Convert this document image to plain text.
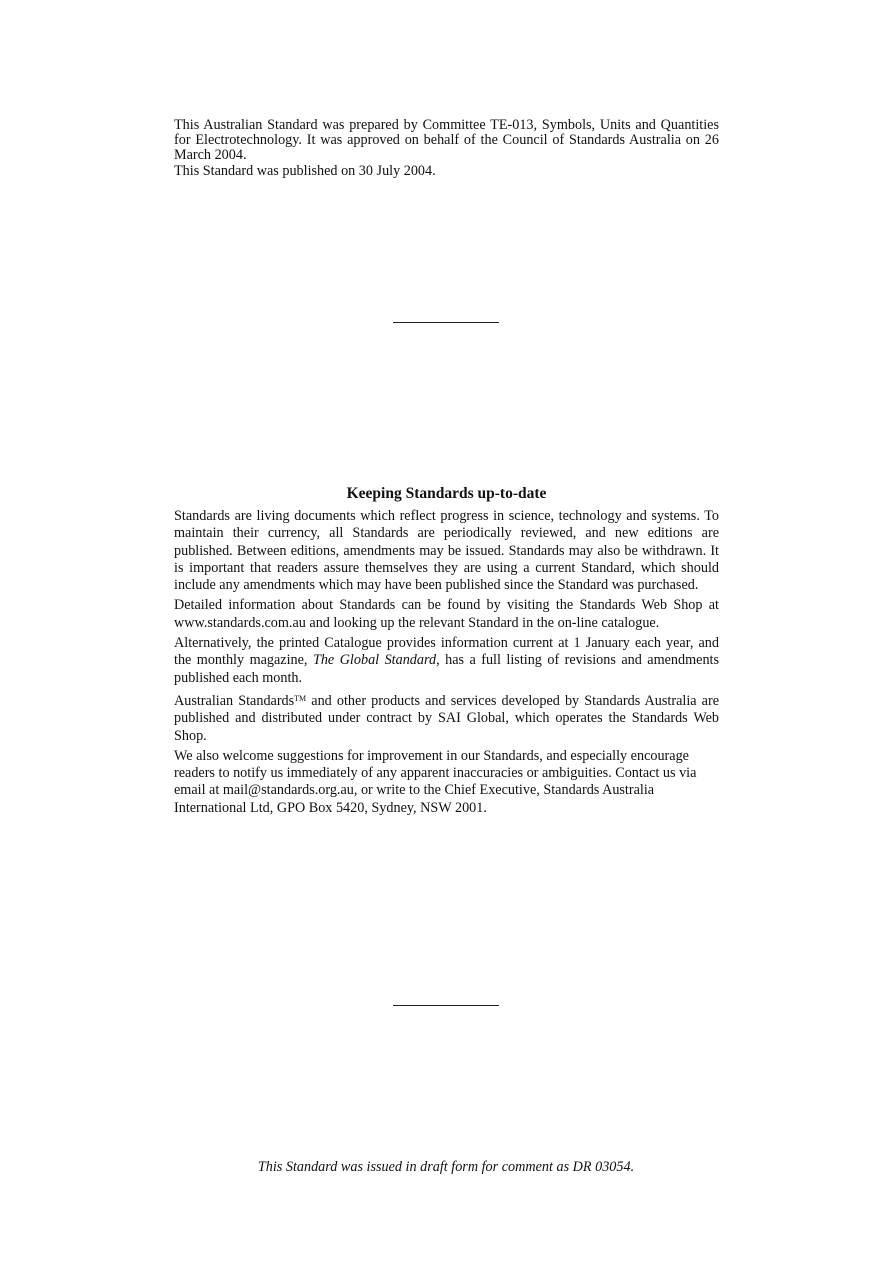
This Australian Standard was prepared by Committee TE-013, Symbols, Units and Quantities for Electrotechnology. It was approved on behalf of the Council of Standards Australia on 26 March 2004.

This Standard was published on 30 July 2004.

Keeping Standards up-to-date

Standards are living documents which reflect progress in science, technology and systems. To maintain their currency, all Standards are periodically reviewed, and new editions are published. Between editions, amendments may be issued. Standards may also be withdrawn. It is important that readers assure themselves they are using a current Standard, which should include any amendments which may have been published since the Standard was purchased.

Detailed information about Standards can be found by visiting the Standards Web Shop at www.standards.com.au and looking up the relevant Standard in the on-line catalogue.

Alternatively, the printed Catalogue provides information current at 1 January each year, and the monthly magazine, The Global Standard, has a full listing of revisions and amendments published each month.

Australian Standards™ and other products and services developed by Standards Australia are published and distributed under contract by SAI Global, which operates the Standards Web Shop.

We also welcome suggestions for improvement in our Standards, and especially encourage readers to notify us immediately of any apparent inaccuracies or ambiguities. Contact us via email at mail@standards.org.au, or write to the Chief Executive, Standards Australia International Ltd, GPO Box 5420, Sydney, NSW 2001.

This Standard was issued in draft form for comment as DR 03054.
